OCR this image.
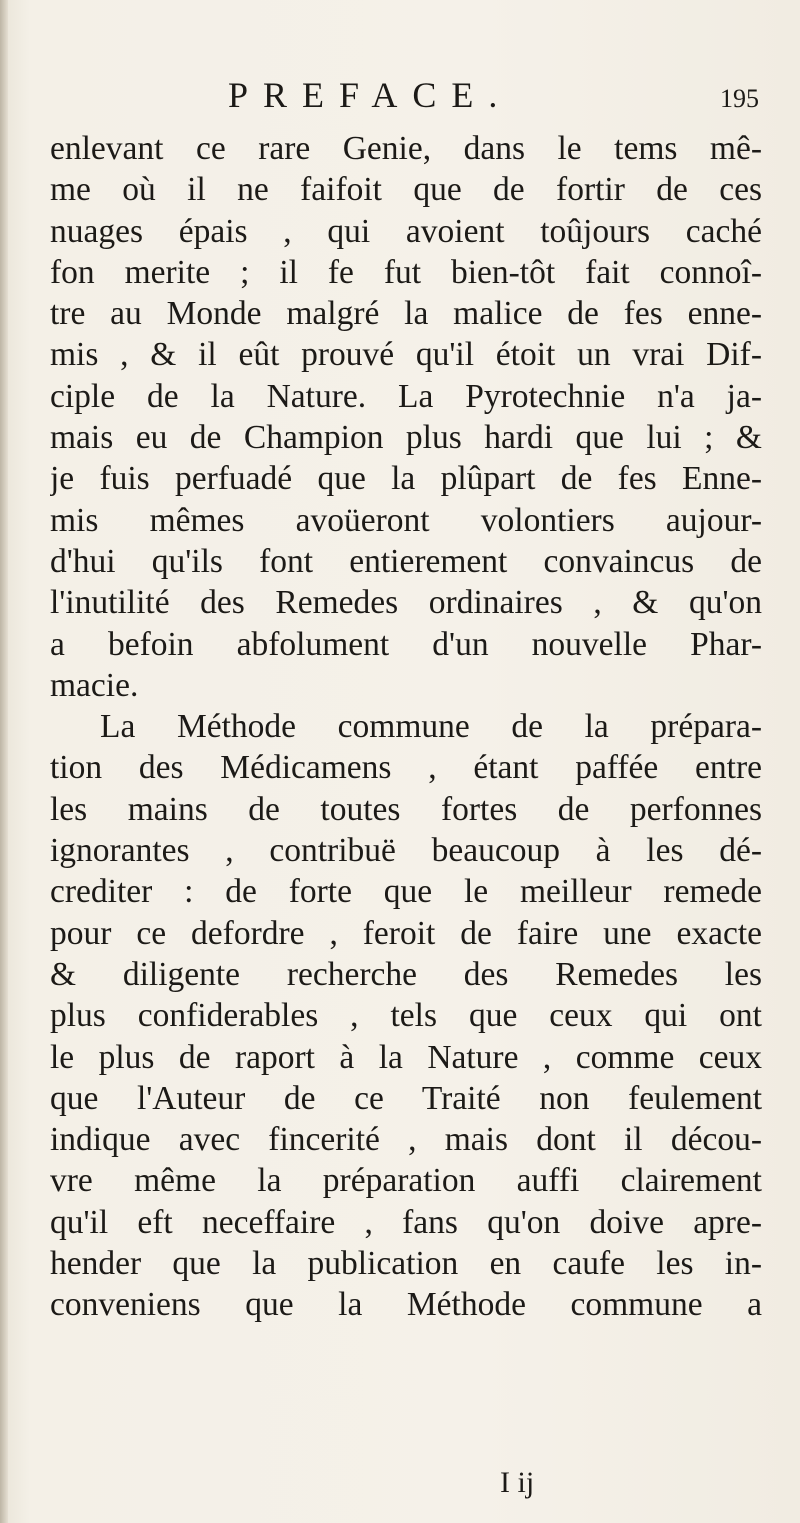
PREFACE.	195
enlevant ce rare Genie, dans le tems mê-
me où il ne faifoit que de fortir de ces
nuages épais , qui avoient toûjours caché
fon merite ; il fe fut bien-tôt fait connoî-
tre au Monde malgré la malice de fes enne-
mis , & il eût prouvé qu'il étoit un vrai Dif-
ciple de la Nature. La Pyrotechnie n'a ja-
mais eu de Champion plus hardi que lui ; &
je fuis perfuadé que la plûpart de fes Enne-
mis mêmes avoüeront volontiers aujour-
d'hui qu'ils font entierement convaincus de
l'inutilité des Remedes ordinaires , & qu'on
a befoin abfolument d'un nouvelle Phar-
macie.
La Méthode commune de la prépara-
tion des Médicamens , étant paffée entre
les mains de toutes fortes de perfonnes
ignorantes , contribuë beaucoup à les dé-
crediter : de forte que le meilleur remede
pour ce defordre , feroit de faire une exacte
& diligente recherche des Remedes les
plus confiderables , tels que ceux qui ont
le plus de raport à la Nature , comme ceux
que l'Auteur de ce Traité non feulement
indique avec fincerité , mais dont il décou-
vre même la préparation auffi clairement
qu'il eft neceffaire , fans qu'on doive apre-
hender que la publication en caufe les in-
conveniens que la Méthode commune a
I ij
